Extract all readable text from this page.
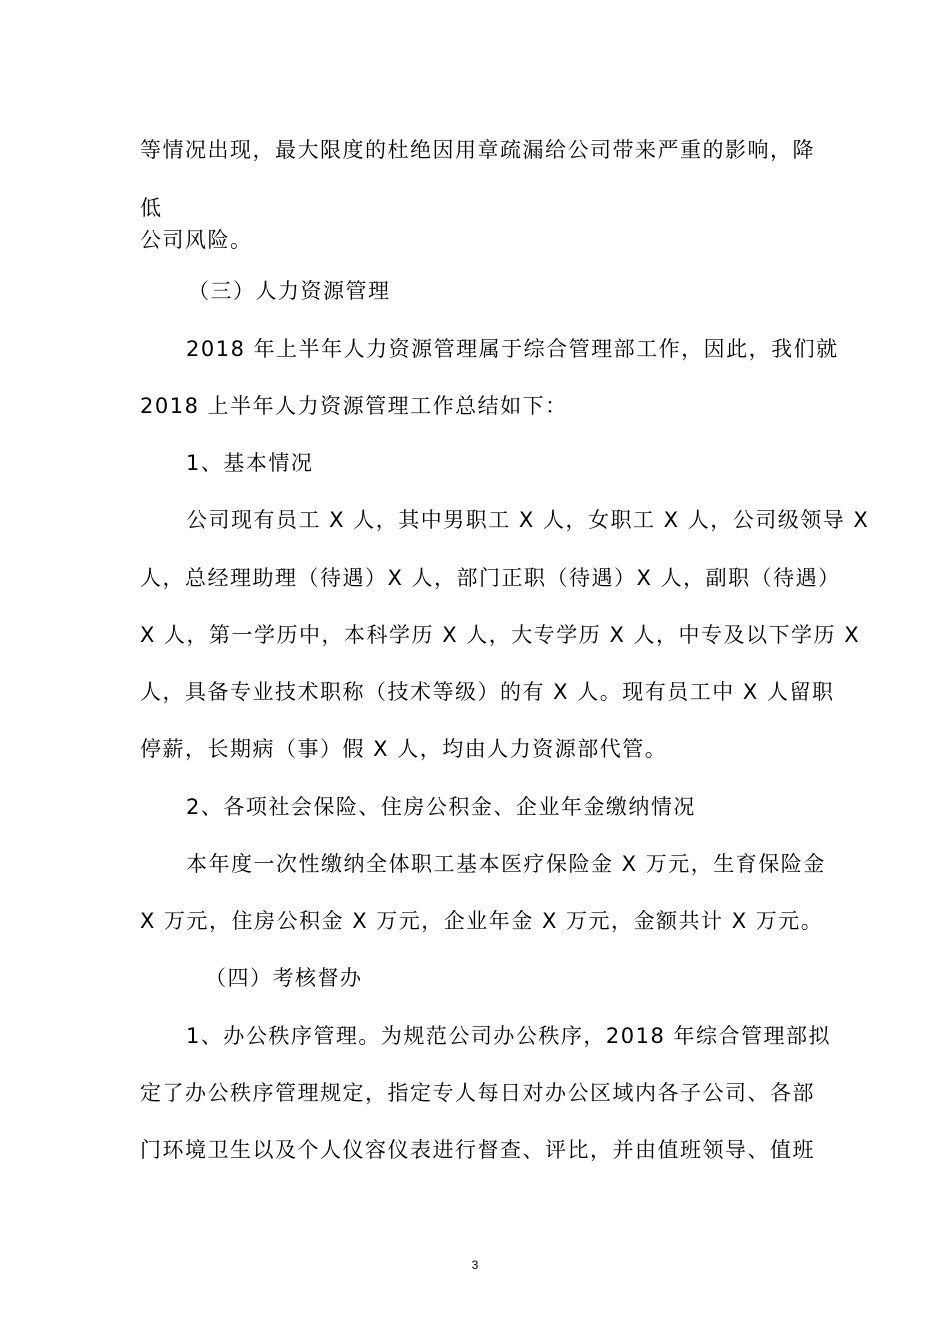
等情况出现，最大限度的杜绝因用章疏漏给公司带来严重的影响，降

低

公司风险。

（三）人力资源管理

2018 年上半年人力资源管理属于综合管理部工作，因此，我们就

2018 上半年人力资源管理工作总结如下：

1、基本情况

公司现有员工 X 人，其中男职工 X 人，女职工 X 人，公司级领导 X

人，总经理助理（待遇）X 人，部门正职（待遇）X 人，副职（待遇）

X 人，第一学历中，本科学历 X 人，大专学历 X 人，中专及以下学历 X

人，具备专业技术职称（技术等级）的有 X 人。现有员工中 X 人留职

停薪，长期病（事）假 X 人，均由人力资源部代管。

2、各项社会保险、住房公积金、企业年金缴纳情况

本年度一次性缴纳全体职工基本医疗保险金 X 万元，生育保险金

X 万元，住房公积金 X 万元，企业年金 X 万元，金额共计 X 万元。

（四）考核督办

1、办公秩序管理。为规范公司办公秩序，2018 年综合管理部拟

定了办公秩序管理规定，指定专人每日对办公区域内各子公司、各部

门环境卫生以及个人仪容仪表进行督查、评比，并由值班领导、值班

3
